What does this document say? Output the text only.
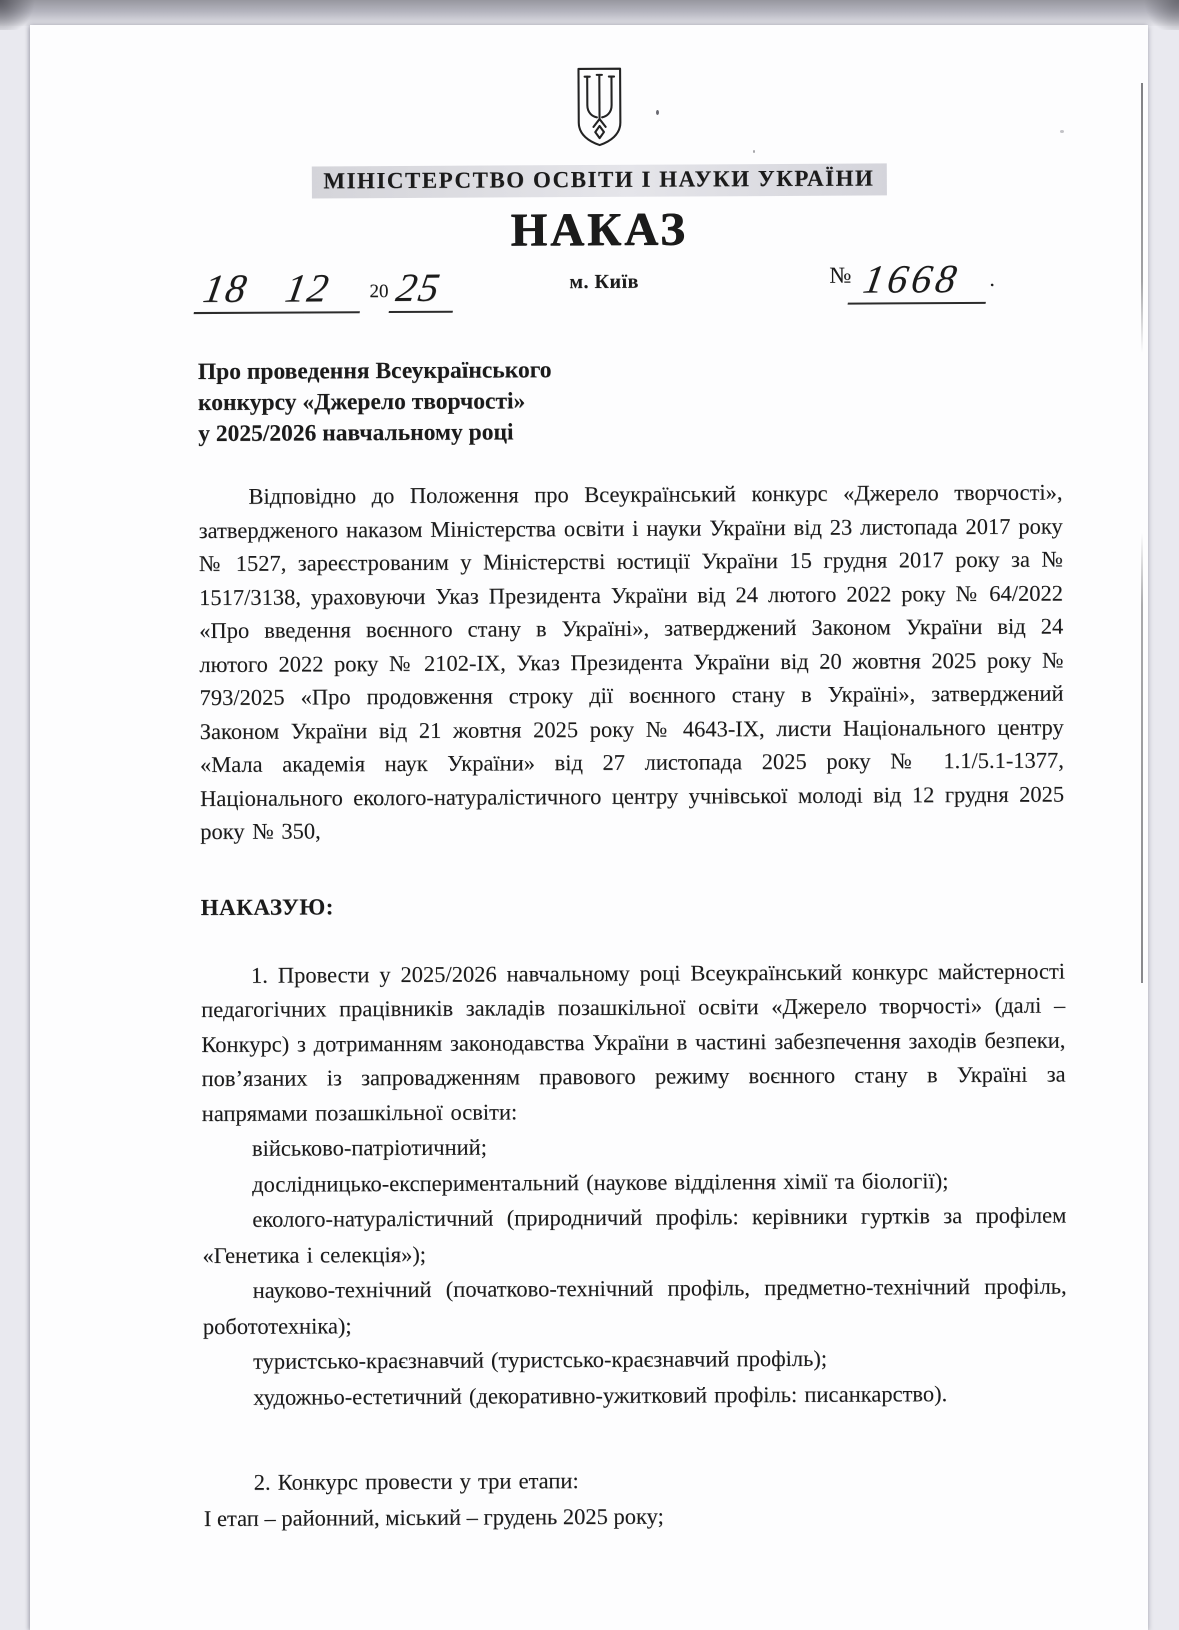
МІНІСТЕРСТВО ОСВІТИ І НАУКИ УКРАЇНИ
НАКАЗ
18 12 20 25	м. Київ	№ 1668 .
Про проведення Всеукраїнського
конкурсу «Джерело творчості»
у 2025/2026 навчальному році

Відповідно до Положення про Всеукраїнський конкурс «Джерело творчості», затвердженого наказом Міністерства освіти і науки України від 23 листопада 2017 року № 1527, зареєстрованим у Міністерстві юстиції України 15 грудня 2017 року за № 1517/3138, ураховуючи Указ Президента України від 24 лютого 2022 року № 64/2022 «Про введення воєнного стану в Україні», затверджений Законом України від 24 лютого 2022 року № 2102-ІХ, Указ Президента України від 20 жовтня 2025 року № 793/2025 «Про продовження строку дії воєнного стану в Україні», затверджений Законом України від 21 жовтня 2025 року № 4643-ІХ, листи Національного центру «Мала академія наук України» від 27 листопада 2025 року № 1.1/5.1-1377, Національного еколого-натуралістичного центру учнівської молоді від 12 грудня 2025 року № 350,

НАКАЗУЮ:

1. Провести у 2025/2026 навчальному році Всеукраїнський конкурс майстерності педагогічних працівників закладів позашкільної освіти «Джерело творчості» (далі – Конкурс) з дотриманням законодавства України в частині забезпечення заходів безпеки, пов’язаних із запровадженням правового режиму воєнного стану в Україні за напрямами позашкільної освіти:

військово-патріотичний;

дослідницько-експериментальний (наукове відділення хімії та біології);

еколого-натуралістичний (природничий профіль: керівники гуртків за профілем «Генетика і селекція»);

науково-технічний (початково-технічний профіль, предметно-технічний профіль, робототехніка);

туристсько-краєзнавчий (туристсько-краєзнавчий профіль);

художньо-естетичний (декоративно-ужитковий профіль: писанкарство).

2. Конкурс провести у три етапи:

І етап – районний, міський – грудень 2025 року;
